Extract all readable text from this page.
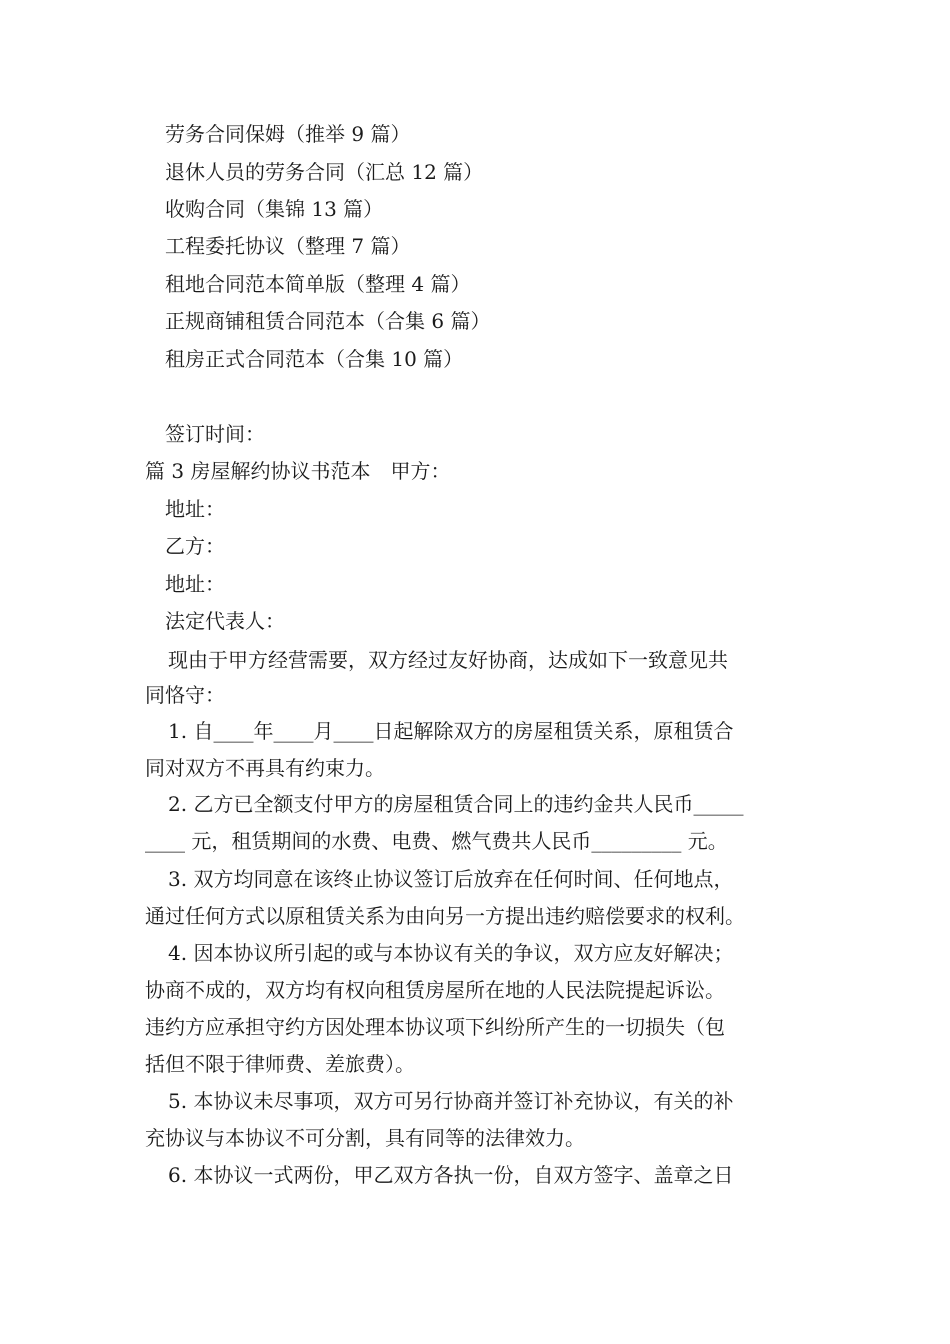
劳务合同保姆（推举 9 篇）
退休人员的劳务合同（汇总 12 篇）
收购合同（集锦 13 篇）
工程委托协议（整理 7 篇）
租地合同范本简单版（整理 4 篇）
正规商铺租赁合同范本（合集 6 篇）
租房正式合同范本（合集 10 篇）
签订时间：
篇 3 房屋解约协议书范本　甲方：
地址：
乙方：
地址：
法定代表人：
现由于甲方经营需要，双方经过友好协商，达成如下一致意见共
同恪守：
1. 自____年____月____日起解除双方的房屋租赁关系，原租赁合
同对双方不再具有约束力。
2. 乙方已全额支付甲方的房屋租赁合同上的违约金共人民币_____
____ 元，租赁期间的水费、电费、燃气费共人民币_________ 元。
3. 双方均同意在该终止协议签订后放弃在任何时间、任何地点，
通过任何方式以原租赁关系为由向另一方提出违约赔偿要求的权利。
4. 因本协议所引起的或与本协议有关的争议，双方应友好解决；
协商不成的，双方均有权向租赁房屋所在地的人民法院提起诉讼。
违约方应承担守约方因处理本协议项下纠纷所产生的一切损失（包
括但不限于律师费、差旅费）。
5. 本协议未尽事项，双方可另行协商并签订补充协议，有关的补
充协议与本协议不可分割，具有同等的法律效力。
6. 本协议一式两份，甲乙双方各执一份，自双方签字、盖章之日
